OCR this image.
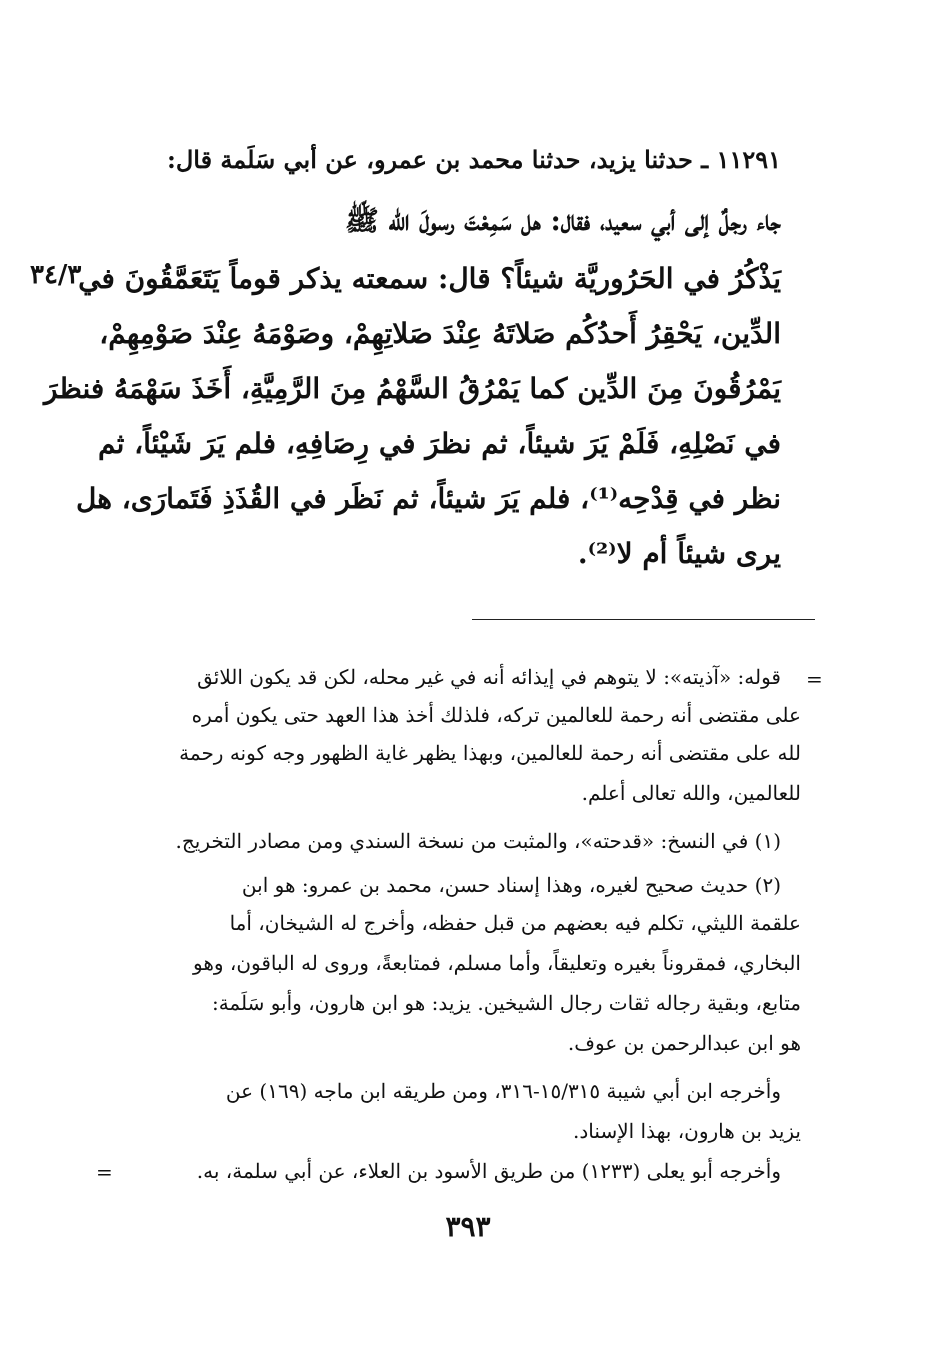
١١٢٩١ ـ حدثنا يزيد، حدثنا محمد بن عمرو، عن أبي سَلَمة قال:
جاء رجلٌ إلى أبي سعيد، فقال: هل سَمِعْتَ رسولَ الله ﷺ
يَذْكُرُ في الحَرُوريَّة شيئاً؟ قال: سمعته يذكر قوماً يَتَعَمَّقُونَ في
الدِّين، يَحْقِرُ أَحدُكُم صَلاتَهُ عِنْدَ صَلاتِهِمْ، وصَوْمَهُ عِنْدَ صَوْمِهِمْ،
يَمْرُقُونَ مِنَ الدِّين كما يَمْرُقُ السَّهْمُ مِنَ الرَّمِيَّةِ، أَخَذَ سَهْمَهُ فنظرَ
في نَصْلِهِ، فَلَمْ يَرَ شيئاً، ثم نظرَ في رِصَافِهِ، فلم يَرَ شَيْئاً، ثم
نظر في قِدْحِه⁽¹⁾، فلم يَرَ شيئاً، ثم نَظَر في القُذَذِ فَتَمارَى، هل
يرى شيئاً أم لا⁽²⁾.
٣٤/٣
=
قوله: «آذيته»: لا يتوهم في إيذائه أنه في غير محله، لكن قد يكون اللائق
على مقتضى أنه رحمة للعالمين تركه، فلذلك أخذ هذا العهد حتى يكون أمره
لله على مقتضى أنه رحمة للعالمين، وبهذا يظهر غاية الظهور وجه كونه رحمة
للعالمين، والله تعالى أعلم.
(١) في النسخ: «قدحته»، والمثبت من نسخة السندي ومن مصادر التخريج.
(٢) حديث صحيح لغيره، وهذا إسناد حسن، محمد بن عمرو: هو ابن
علقمة الليثي، تكلم فيه بعضهم من قبل حفظه، وأخرج له الشيخان، أما
البخاري، فمقروناً بغيره وتعليقاً، وأما مسلم، فمتابعةً، وروى له الباقون، وهو
متابع، وبقية رجاله ثقات رجال الشيخين. يزيد: هو ابن هارون، وأبو سَلَمة:
هو ابن عبدالرحمن بن عوف.
وأخرجه ابن أبي شيبة ١٥/٣١٥-٣١٦، ومن طريقه ابن ماجه (١٦٩) عن
يزيد بن هارون، بهذا الإسناد.
وأخرجه أبو يعلى (١٢٣٣) من طريق الأسود بن العلاء، عن أبي سلمة، به.
=
٣٩٣
